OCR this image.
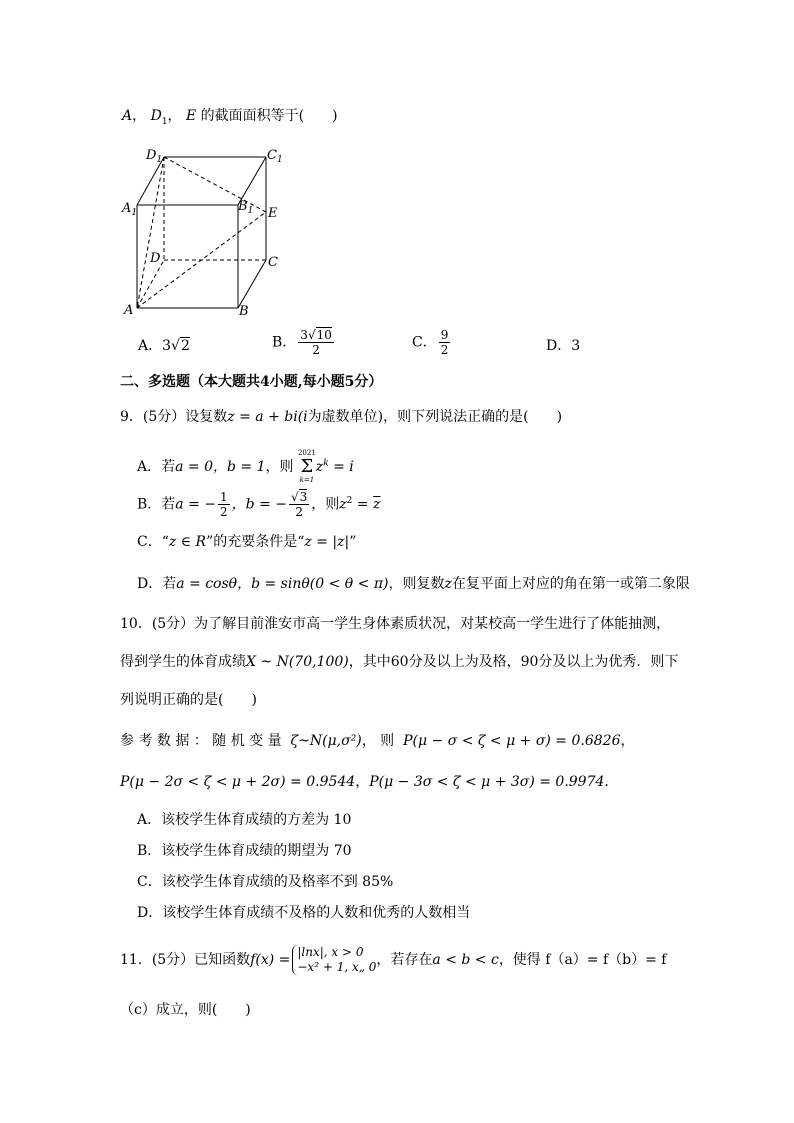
A， $D_1$， E 的截面面积等于(　　)
$D_1$	$C_1$
$A_1$	$B_1$ E
D	C
A	B
A．3√2	B． $\frac{3√10}{2}$	C． $\frac{9}{2}$	D．3
二、多选题（本大题共4小题,每小题5分）
9．(5分）设复数z = a + bi(i为虚数单位)，则下列说法正确的是(　　)
A．若a = 0，b = 1，则
2021
Σ
k=1
$z^k = i$
B．若a = − $\frac{1}{2}$ ，b = − $\frac{√3}{2}$ ，则$z^2 = \overline{z}$
C．“z ∈ R”的充要条件是“z = |z|”
D．若a = cosθ，b = sinθ(0 < θ < π)，则复数z在复平面上对应的角在第一或第二象限
10．(5分）为了解目前淮安市高一学生身体素质状况，对某校高一学生进行了体能抽测，
得到学生的体育成绩X ~ N(70,100)，其中60分及以上为及格，90分及以上为优秀．则下
列说明正确的是(　　)
参 考 数 据 ： 随 机 变 量 ζ~N(μ,σ²)， 则 P(μ − σ < ζ < μ + σ) = 0.6826，
P(μ − 2σ < ζ < μ + 2σ) = 0.9544，P(μ − 3σ < ζ < μ + 3σ) = 0.9974．
A．该校学生体育成绩的方差为 10
B．该校学生体育成绩的期望为 70
C．该校学生体育成绩的及格率不到 85%
D．该校学生体育成绩不及格的人数和优秀的人数相当
11．(5分）已知函数f(x) = |lnx|, x > 0
−x² + 1, x„ 0 ，若存在a < b < c，使得 f（a）= f（b）= f
（c）成立，则(　　)
